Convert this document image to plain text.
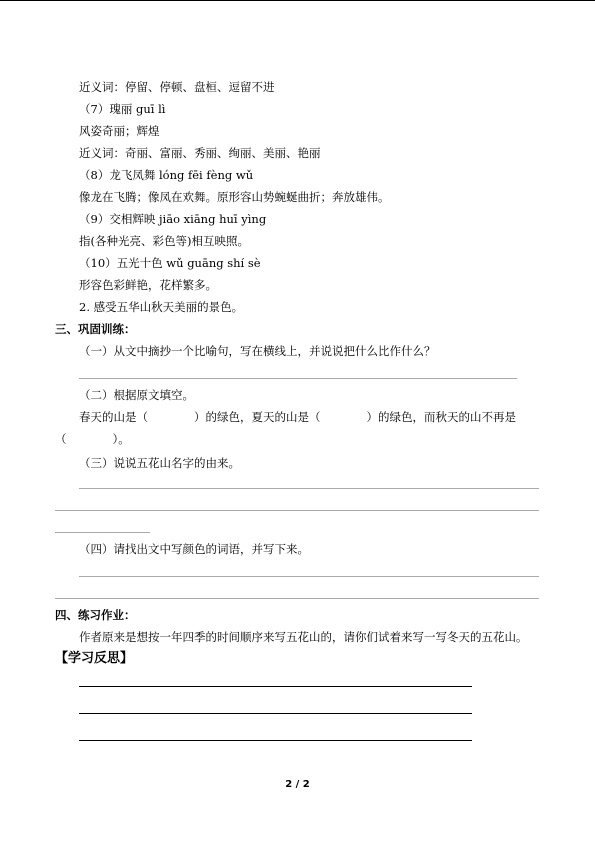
近义词：停留、停顿、盘桓、逗留不进
（7）瑰丽 guī lì
风姿奇丽；辉煌
近义词：奇丽、富丽、秀丽、绚丽、美丽、艳丽
（8）龙飞凤舞 lóng fēi fèng wǔ
像龙在飞腾；像凤在欢舞。原形容山势蜿蜒曲折；奔放雄伟。
（9）交相辉映 jiāo xiāng huī yìng
指(各种光亮、彩色等)相互映照。
（10）五光十色 wǔ guāng shí sè
形容色彩鲜艳，花样繁多。
2. 感受五华山秋天美丽的景色。
三、巩固训练：
（一）从文中摘抄一个比喻句，写在横线上，并说说把什么比作什么？
（二）根据原文填空。
春天的山是（　　　　）的绿色，夏天的山是（　　　　）的绿色，而秋天的山不再是
（　　　　）。
（三）说说五花山名字的由来。
（四）请找出文中写颜色的词语，并写下来。
四、练习作业：
作者原来是想按一年四季的时间顺序来写五花山的，请你们试着来写一写冬天的五花山。
【学习反思】
2 / 2
